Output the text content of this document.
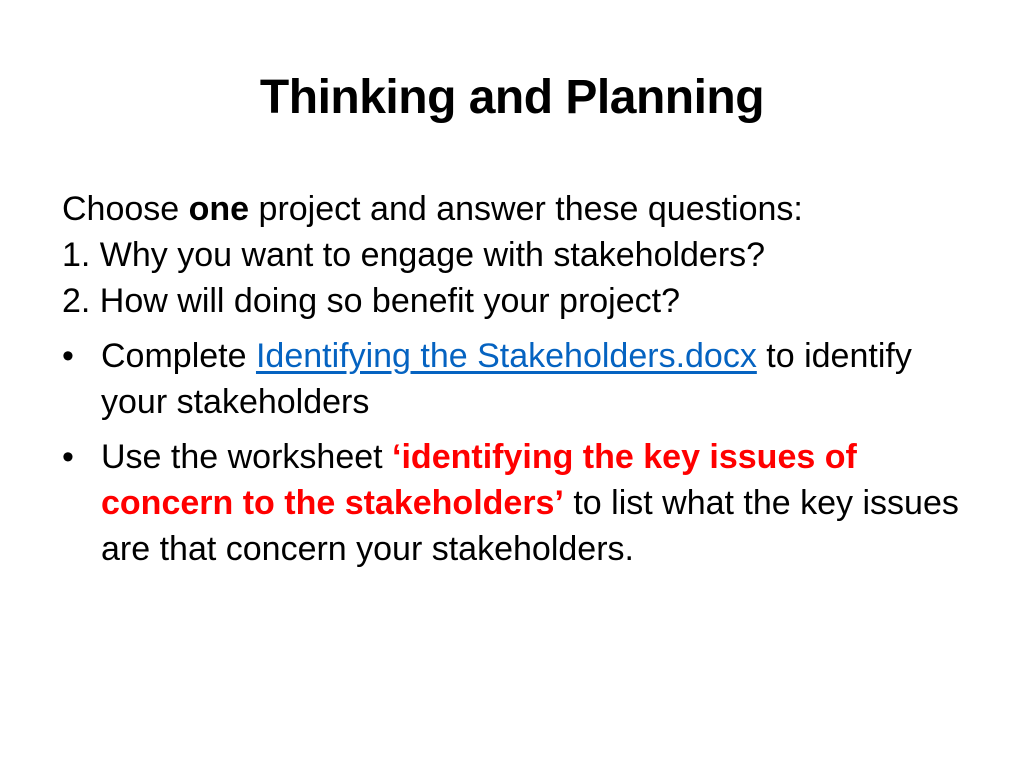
Thinking and Planning

Choose one project and answer these questions:

1. Why you want to engage with stakeholders?

2. How will doing so benefit your project?

• Complete Identifying the Stakeholders.docx to identify your stakeholders
• Use the worksheet ‘identifying the key issues of concern to the stakeholders’ to list what the key issues are that concern your stakeholders.
